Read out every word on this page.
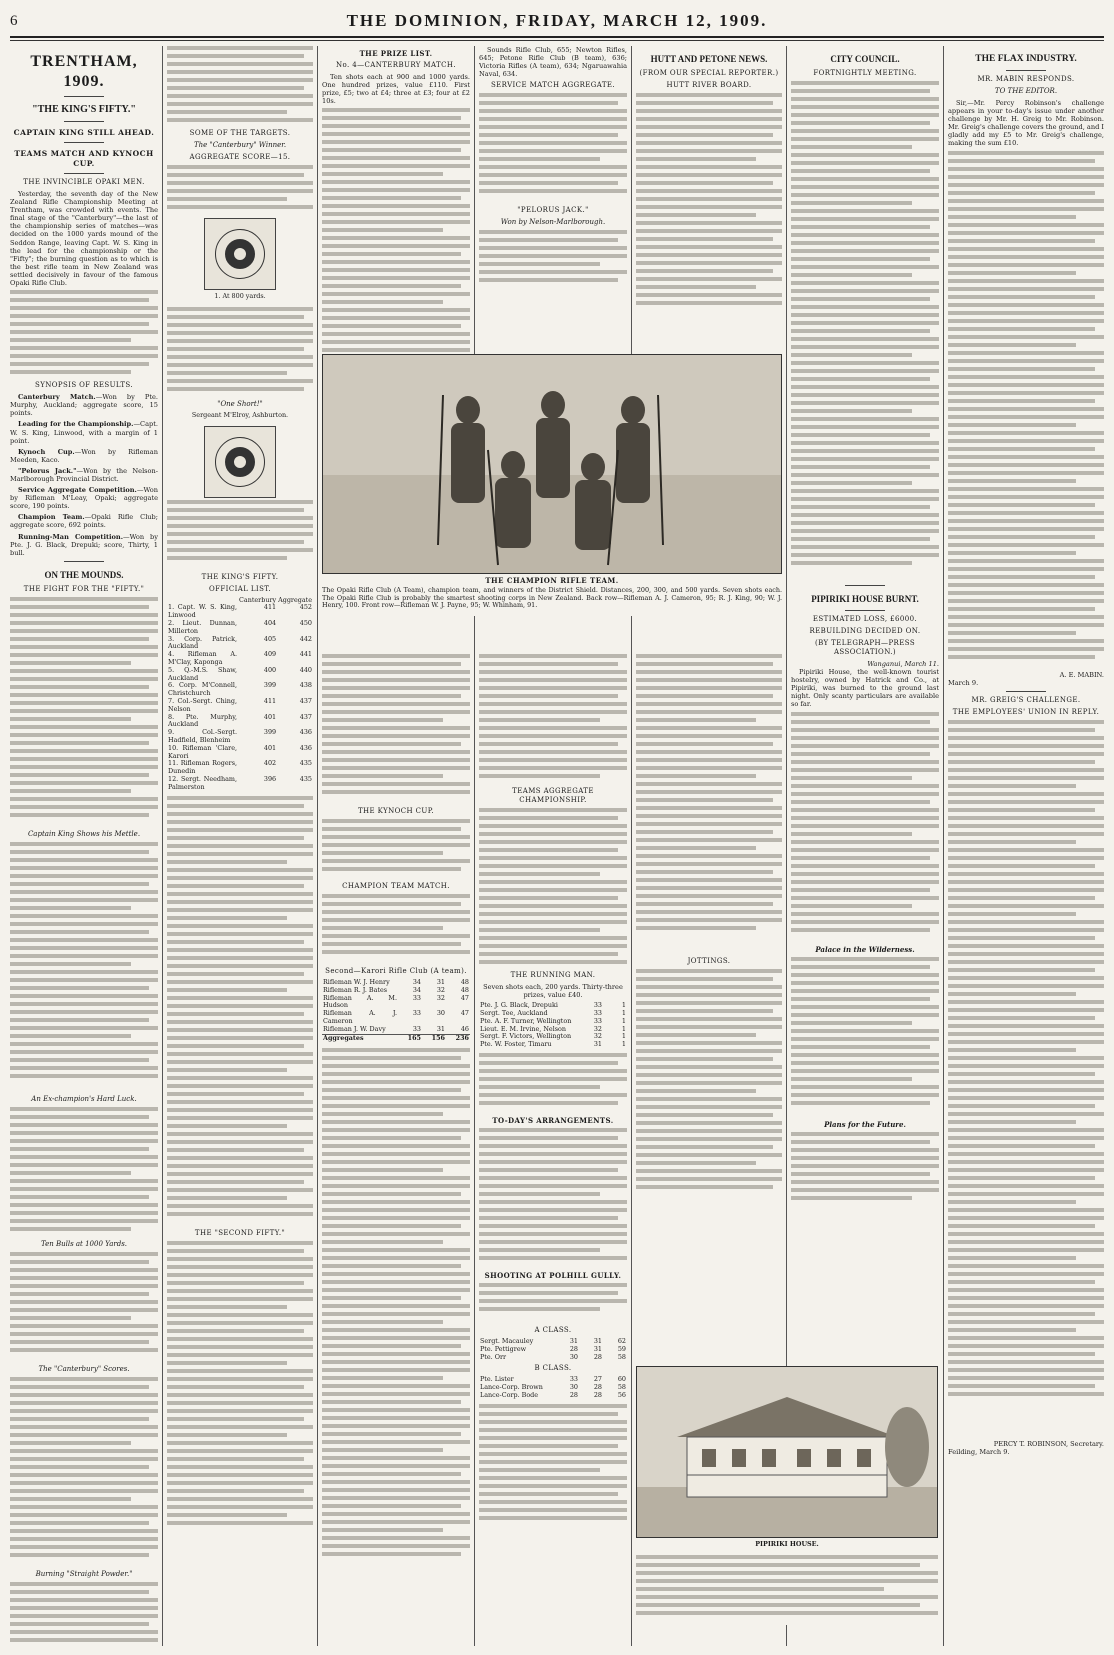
6	THE DOMINION, FRIDAY, MARCH 12, 1909.
TRENTHAM, 1909.
"THE KING'S FIFTY."
CAPTAIN KING STILL AHEAD.
TEAMS MATCH AND KYNOCH CUP.
THE INVINCIBLE OPAKI MEN.

Yesterday, the seventh day of the New Zealand Rifle Championship Meeting at Trentham, was crowded with events. The final stage of the "Canterbury"—the last of the championship series of matches—was decided on the 1000 yards mound of the Seddon Range, leaving Capt. W. S. King in the lead for the championship or the "Fifty"; the burning question as to which is the best rifle team in New Zealand was settled decisively in favour of the famous Opaki Rifle Club.

SYNOPSIS OF RESULTS.

Canterbury Match.—Won by Pte. Murphy, Auckland; aggregate score, 15 points.

Leading for the Championship.—Capt. W. S. King, Linwood, with a margin of 1 point.

Kynoch Cup.—Won by Rifleman Meeden, Kaco.

"Pelorus Jack."—Won by the Nelson-Marlborough Provincial District.

Service Aggregate Competition.—Won by Rifleman M'Leay, Opaki; aggregate score, 190 points.

Champion Team.—Opaki Rifle Club; aggregate score, 692 points.

Running-Man Competition.—Won by Pte. J. G. Black, Drepuki; score, Thirty, 1 bull.

ON THE MOUNDS.
THE FIGHT FOR THE "FIFTY."
Captain King Shows his Mettle.
An Ex-champion's Hard Luck.
Ten Bulls at 1000 Yards.
The "Canterbury" Scores.
Burning "Straight Powder."
SOME OF THE TARGETS.
The "Canterbury" Winner.
AGGREGATE SCORE—15.
1. At 800 yards.
"One Short!"
Sergeant M'Elroy, Ashburton.
THE KING'S FIFTY.
OFFICIAL LIST.
	Canterbury	Aggregate
1. Capt. W. S. King, Linwood	411	452
2. Lieut. Dunnan, Millerton	404	450
3. Corp. Patrick, Auckland	405	442
4. Rifleman A. M'Clay, Kaponga	409	441
5. Q.-M.S. Shaw, Auckland	400	440
6. Corp. M'Connell, Christchurch	399	438
7. Col.-Sergt. Ching, Nelson	411	437
8. Pte. Murphy, Auckland	401	437
9. Col.-Sergt. Hadfield, Blenheim	399	436
10. Rifleman 'Clare, Karori	401	436
11. Rifleman Rogers, Dunedin	402	435
12. Sergt. Needham, Palmerston	396	435
THE "SECOND FIFTY."
THE PRIZE LIST.
No. 4—CANTERBURY MATCH.

Ten shots each at 900 and 1000 yards. One hundred prizes, value £110. First prize, £5; two at £4; three at £3; four at £2 10s.

Sounds Rifle Club, 655; Newton Rifles, 645; Petone Rifle Club (B team), 636; Victoria Rifles (A team), 634; Ngaruawahia Naval, 634.

SERVICE MATCH AGGREGATE.
"PELORUS JACK."
Won by Nelson-Marlborough.
HUTT AND PETONE NEWS.
(FROM OUR SPECIAL REPORTER.)
HUTT RIVER BOARD.
CITY COUNCIL.
FORTNIGHTLY MEETING.
PIPIRIKI HOUSE BURNT.
ESTIMATED LOSS, £6000.
REBUILDING DECIDED ON.
(BY TELEGRAPH—PRESS ASSOCIATION.)
Wanganui, March 11.

Pipiriki House, the well-known tourist hostelry, owned by Hatrick and Co., at Pipiriki, was burned to the ground last night. Only scanty particulars are available so far.

Palace in the Wilderness.
Plans for the Future.
THE FLAX INDUSTRY.
MR. MABIN RESPONDS.
TO THE EDITOR.

Sir,—Mr. Percy Robinson's challenge appears in your to-day's issue under another challenge by Mr. H. Greig to Mr. Robinson. Mr. Greig's challenge covers the ground, and I gladly add my £5 to Mr. Greig's challenge, making the sum £10.

A. E. MABIN.
March 9.
MR. GREIG'S CHALLENGE.
THE EMPLOYEES' UNION IN REPLY.
PERCY T. ROBINSON, Secretary.
Feilding, March 9.
THE CHAMPION RIFLE TEAM.
The Opaki Rifle Club (A Team), champion team, and winners of the District Shield. Distances, 200, 300, and 500 yards. Seven shots each. The Opaki Rifle Club is probably the smartest shooting corps in New Zealand. Back row—Rifleman A. J. Cameron, 95; R. J. King, 90; W. J. Henry, 100. Front row—Rifleman W. J. Payne, 95; W. Whinham, 91.
THE KYNOCH CUP.
CHAMPION TEAM MATCH.
Second—Karori Rifle Club (A team).
Rifleman W. J. Henry	34	31	48
Rifleman R. J. Bates	34	32	48
Rifleman A. M. Hudson	33	32	47
Rifleman A. J. Cameron	33	30	47
Rifleman J. W. Davy	33	31	46
Aggregates	165	156	236
TEAMS AGGREGATE CHAMPIONSHIP.
THE RUNNING MAN.

Seven shots each, 200 yards. Thirty-three prizes, value £40.

Pte. J. G. Black, Drepuki	33	1
Sergt. Tee, Auckland	33	1
Pte. A. F. Turner, Wellington	33	1
Lieut. E. M. Irvine, Nelson	32	1
Sergt. F. Victors, Wellington	32	1
Pte. W. Foster, Timaru	31	1
TO-DAY'S ARRANGEMENTS.
SHOOTING AT POLHILL GULLY.
A CLASS.
Sergt. Macauley	31	31	62
Pte. Pettigrew	28	31	59
Pte. Orr	30	28	58
B CLASS.
Pte. Lister	33	27	60
Lance-Corp. Brown	30	28	58
Lance-Corp. Bode	28	28	56
JOTTINGS.
PIPIRIKI HOUSE.
